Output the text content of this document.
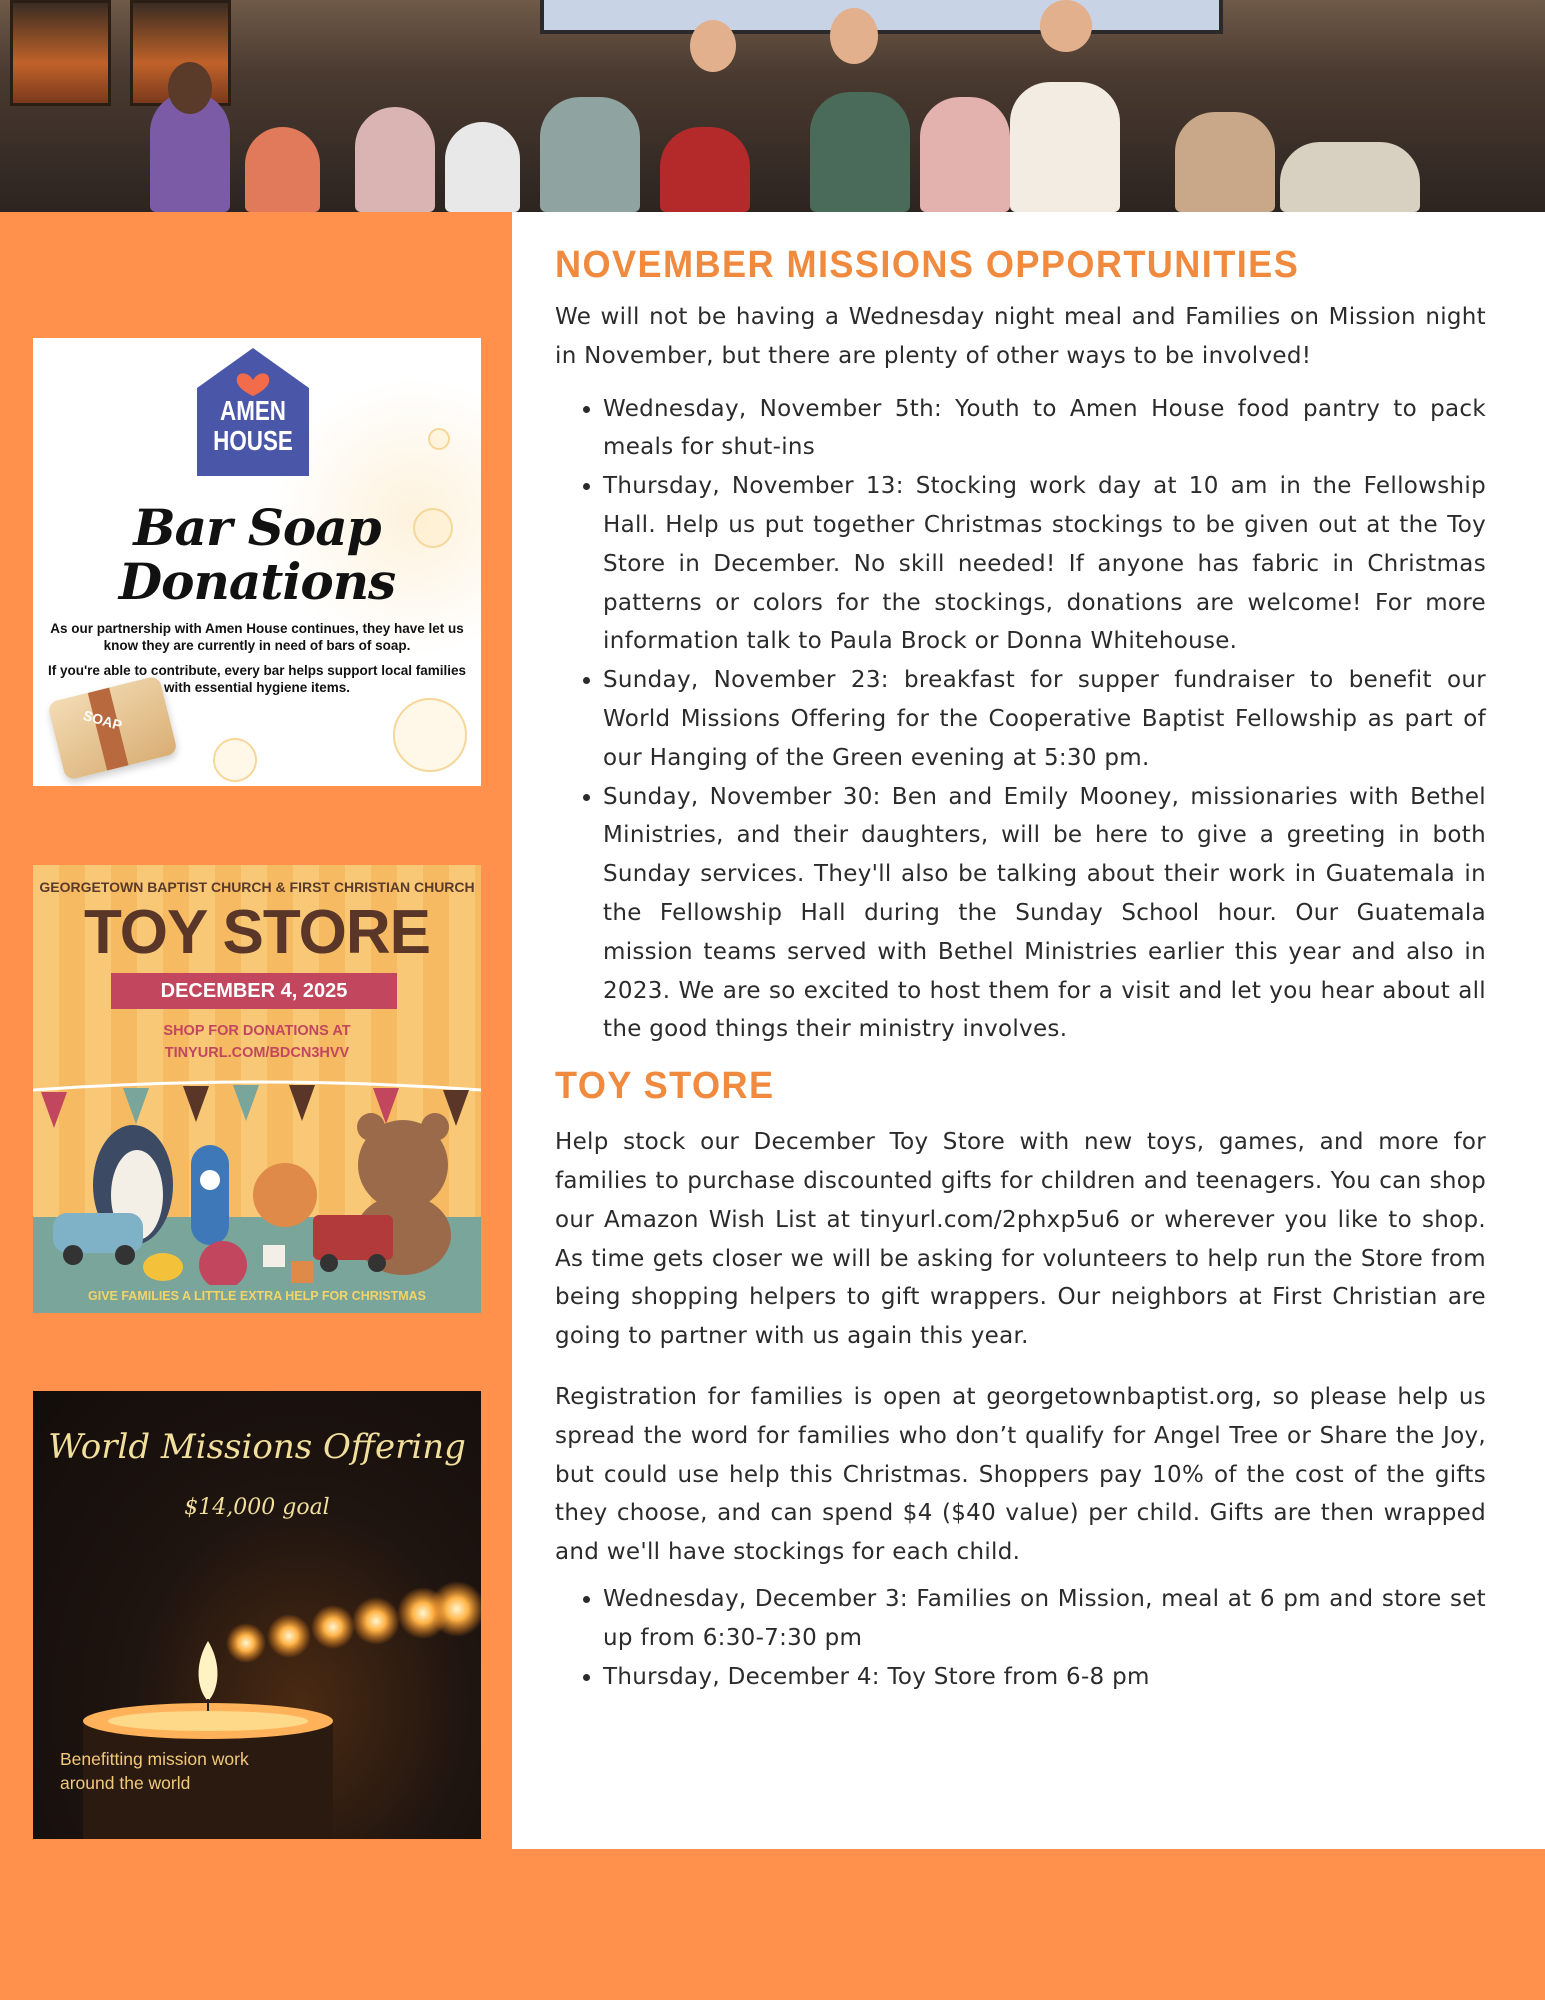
NOVEMBER MISSIONS OPPORTUNITIES

We will not be having a Wednesday night meal and Families on Mission night in November, but there are plenty of other ways to be involved!

• Wednesday, November 5th: Youth to Amen House food pantry to pack meals for shut-ins
• Thursday, November 13: Stocking work day at 10 am in the Fellowship Hall. Help us put together Christmas stockings to be given out at the Toy Store in December. No skill needed! If anyone has fabric in Christmas patterns or colors for the stockings, donations are welcome! For more information talk to Paula Brock or Donna Whitehouse.
• Sunday, November 23: breakfast for supper fundraiser to benefit our World Missions Offering for the Cooperative Baptist Fellowship as part of our Hanging of the Green evening at 5:30 pm.
• Sunday, November 30: Ben and Emily Mooney, missionaries with Bethel Ministries, and their daughters, will be here to give a greeting in both Sunday services. They'll also be talking about their work in Guatemala in the Fellowship Hall during the Sunday School hour. Our Guatemala mission teams served with Bethel Ministries earlier this year and also in 2023. We are so excited to host them for a visit and let you hear about all the good things their ministry involves.
TOY STORE

Help stock our December Toy Store with new toys, games, and more for families to purchase discounted gifts for children and teenagers. You can shop our Amazon Wish List at tinyurl.com/2phxp5u6 or wherever you like to shop. As time gets closer we will be asking for volunteers to help run the Store from being shopping helpers to gift wrappers. Our neighbors at First Christian are going to partner with us again this year.

Registration for families is open at georgetownbaptist.org, so please help us spread the word for families who don’t qualify for Angel Tree or Share the Joy, but could use help this Christmas. Shoppers pay 10% of the cost of the gifts they choose, and can spend $4 ($40 value) per child. Gifts are then wrapped and we'll have stockings for each child.

• Wednesday, December 3: Families on Mission, meal at 6 pm and store set up from 6:30-7:30 pm
• Thursday, December 4: Toy Store from 6-8 pm
AMEN
HOUSE
Bar Soap
Donations
As our partnership with Amen House continues, they have let us know they are currently in need of bars of soap.
If you're able to contribute, every bar helps support local families with essential hygiene items.
SOAP
GEORGETOWN BAPTIST CHURCH & FIRST CHRISTIAN CHURCH
TOY STORE
DECEMBER 4, 2025
SHOP FOR DONATIONS AT
TINYURL.COM/BDCN3HVV
GIVE FAMILIES A LITTLE EXTRA HELP FOR CHRISTMAS
World Missions Offering
$14,000 goal
Benefitting mission work
around the world
